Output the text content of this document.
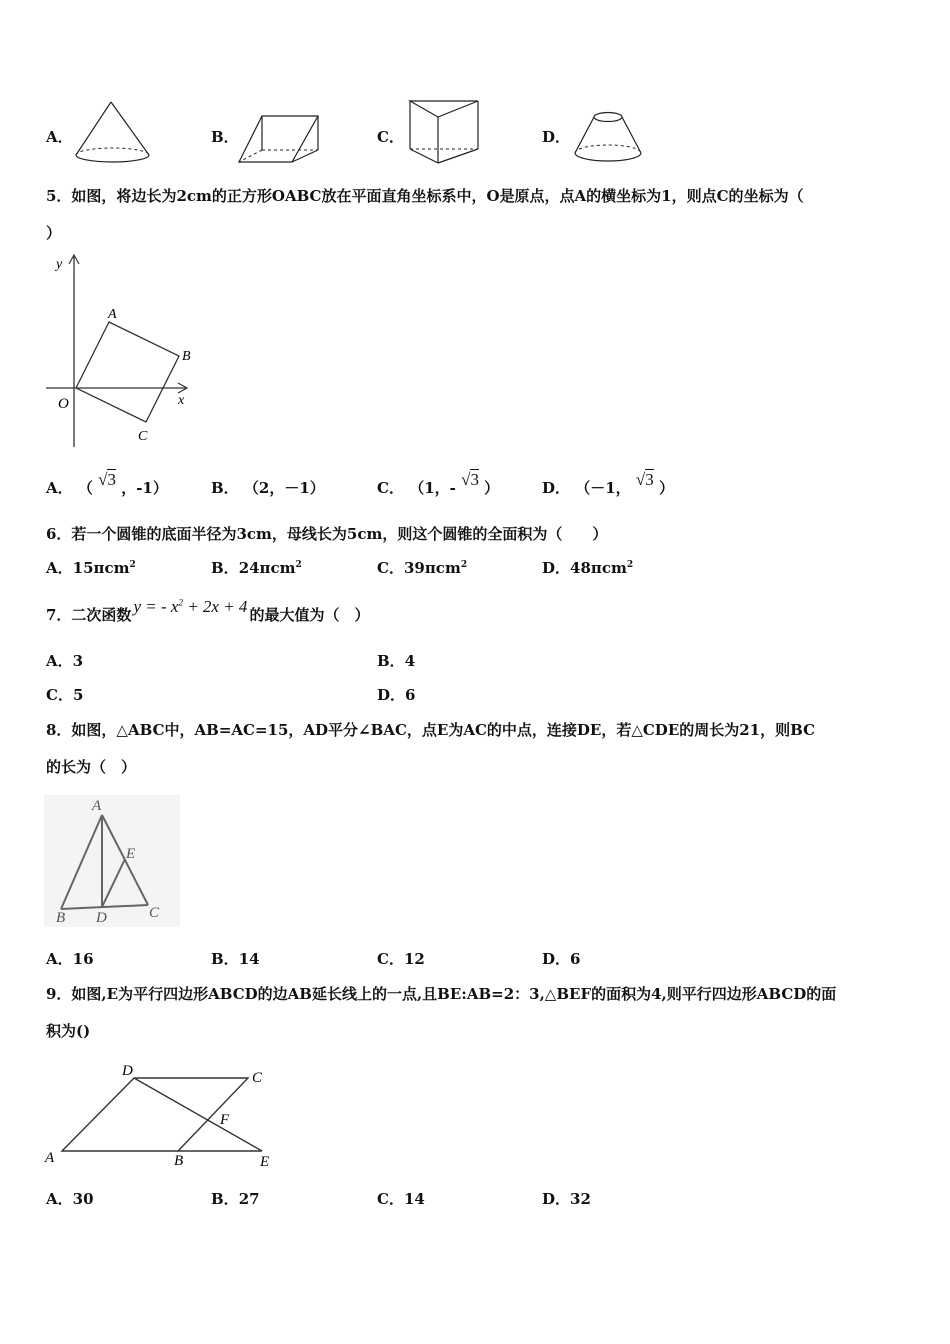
A．	B．	C．	D．
5．如图，将边长为2cm的正方形OABC放在平面直角坐标系中，O是原点，点A的横坐标为1，则点C的坐标为（
）
y
x
O
A
B
C
A． （ √3 ，-1）	B． （2，－1）	C． （1，- √3 ）	D． （－1， √3 ）
6．若一个圆锥的底面半径为3cm，母线长为5cm，则这个圆锥的全面积为（　　）
A．15πcm$^2$	B．24πcm$^2$	C．39πcm$^2$	D．48πcm$^2$
7．二次函数 y = - $x^2 + 2x + 4$ 的最大值为（　）
A．3	B．4
C．5	D．6
8．如图，△ABC中，AB=AC=15，AD平分∠BAC，点E为AC的中点，连接DE，若△CDE的周长为21，则BC
的长为（　）
A
B	C
D
E
A．16	B．14	C．12	D．6
9．如图,E为平行四边形ABCD的边AB延长线上的一点,且BE:AB=2：3,△BEF的面积为4,则平行四边形ABCD的面
积为()
D	C
F
A	B	E
A．30	B．27	C．14	D．32
